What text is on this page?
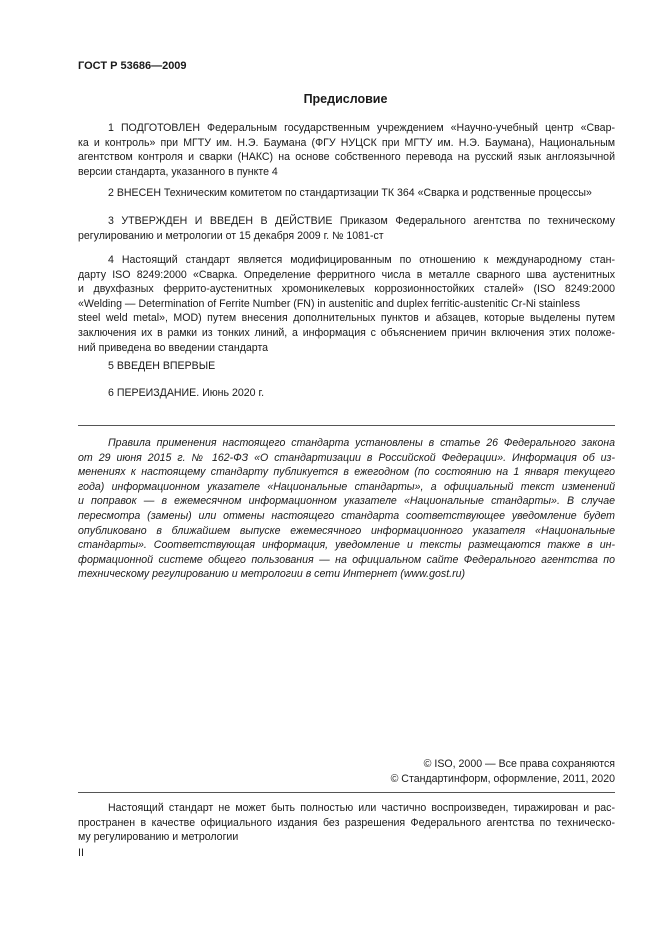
ГОСТ Р 53686—2009
Предисловие
1 ПОДГОТОВЛЕН Федеральным государственным учреждением «Научно-учебный центр «Свар-
ка и контроль» при МГТУ им. Н.Э. Баумана (ФГУ НУЦСК при МГТУ им. Н.Э. Баумана), Национальным
агентством контроля и сварки (НАКС) на основе собственного перевода на русский язык англоязычной
версии стандарта, указанного в пункте 4
2 ВНЕСЕН Техническим комитетом по стандартизации ТК 364 «Сварка и родственные процессы»
3 УТВЕРЖДЕН И ВВЕДЕН В ДЕЙСТВИЕ Приказом Федерального агентства по техническому
регулированию и метрологии от 15 декабря 2009 г. № 1081-ст
4 Настоящий стандарт является модифицированным по отношению к международному стан-
дарту ISO 8249:2000 «Сварка. Определение ферритного числа в металле сварного шва аустенитных
и двухфазных феррито-аустенитных хромоникелевых коррозионностойких сталей» (ISO 8249:2000
«Welding — Determination of Ferrite Number (FN) in austenitic and duplex ferritic-austenitic Cr-Ni stainless
steel weld metal», MOD) путем внесения дополнительных пунктов и абзацев, которые выделены путем
заключения их в рамки из тонких линий, а информация с объяснением причин включения этих положе-
ний приведена во введении стандарта
5 ВВЕДЕН ВПЕРВЫЕ
6 ПЕРЕИЗДАНИЕ. Июнь 2020 г.
Правила применения настоящего стандарта установлены в статье 26 Федерального закона
от 29 июня 2015 г. № 162-ФЗ «О стандартизации в Российской Федерации». Информация об из-
менениях к настоящему стандарту публикуется в ежегодном (по состоянию на 1 января текущего
года) информационном указателе «Национальные стандарты», а официальный текст изменений
и поправок — в ежемесячном информационном указателе «Национальные стандарты». В случае
пересмотра (замены) или отмены настоящего стандарта соответствующее уведомление будет
опубликовано в ближайшем выпуске ежемесячного информационного указателя «Национальные
стандарты». Соответствующая информация, уведомление и тексты размещаются также в ин-
формационной системе общего пользования — на официальном сайте Федерального агентства по
техническому регулированию и метрологии в сети Интернет (www.gost.ru)
© ISO, 2000 — Все права сохраняются
© Стандартинформ, оформление, 2011, 2020
Настоящий стандарт не может быть полностью или частично воспроизведен, тиражирован и рас-
пространен в качестве официального издания без разрешения Федерального агентства по техническо-
му регулированию и метрологии
II
